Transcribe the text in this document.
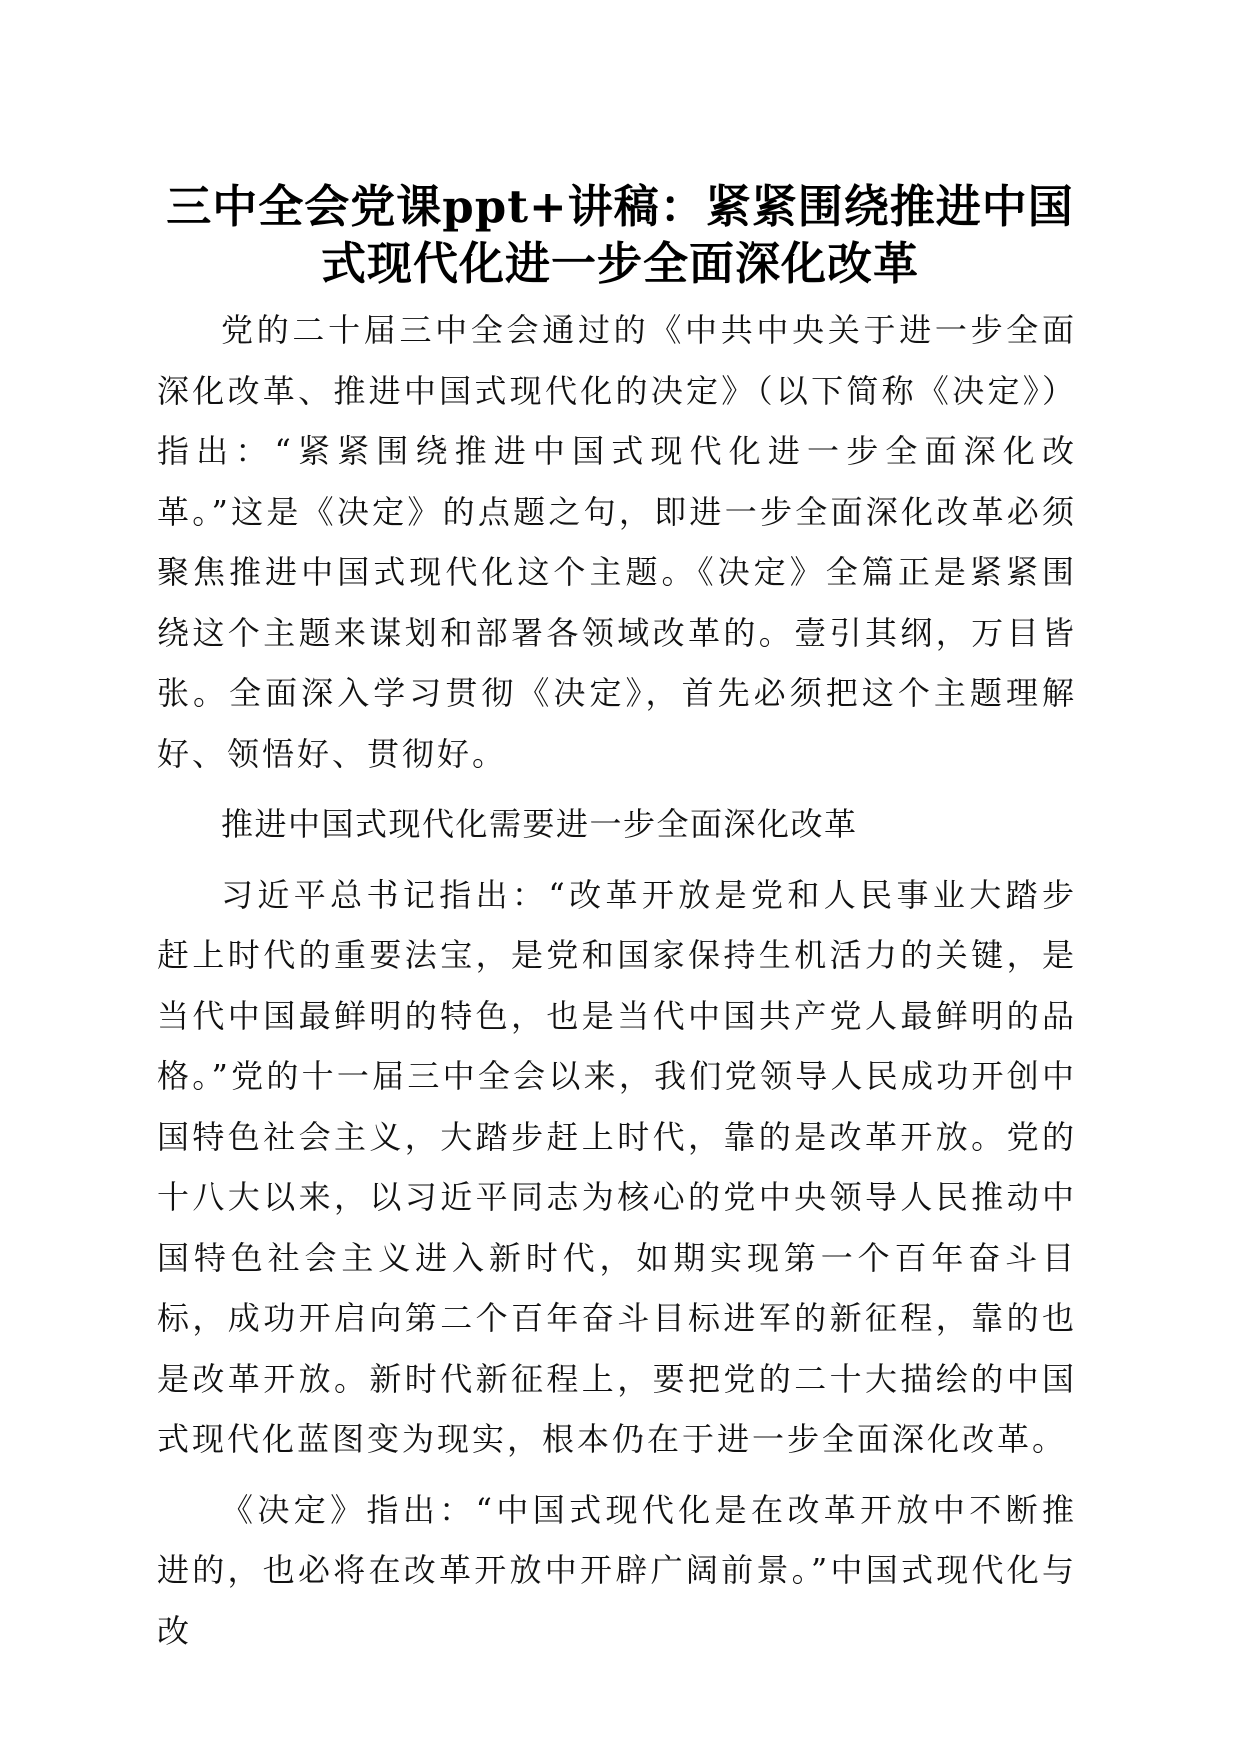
三中全会党课ppt+讲稿：紧紧围绕推进中国式现代化进一步全面深化改革

党的二十届三中全会通过的《中共中央关于进一步全面深化改革、推进中国式现代化的决定》（以下简称《决定》）指出：“紧紧围绕推进中国式现代化进一步全面深化改革。”这是《决定》的点题之句，即进一步全面深化改革必须聚焦推进中国式现代化这个主题。《决定》全篇正是紧紧围绕这个主题来谋划和部署各领域改革的。壹引其纲，万目皆张。全面深入学习贯彻《决定》，首先必须把这个主题理解好、领悟好、贯彻好。

推进中国式现代化需要进一步全面深化改革

习近平总书记指出：“改革开放是党和人民事业大踏步赶上时代的重要法宝，是党和国家保持生机活力的关键，是当代中国最鲜明的特色，也是当代中国共产党人最鲜明的品格。”党的十一届三中全会以来，我们党领导人民成功开创中国特色社会主义，大踏步赶上时代，靠的是改革开放。党的十八大以来，以习近平同志为核心的党中央领导人民推动中国特色社会主义进入新时代，如期实现第一个百年奋斗目标，成功开启向第二个百年奋斗目标进军的新征程，靠的也是改革开放。新时代新征程上，要把党的二十大描绘的中国式现代化蓝图变为现实，根本仍在于进一步全面深化改革。

《决定》指出：“中国式现代化是在改革开放中不断推进的，也必将在改革开放中开辟广阔前景。”中国式现代化与改
